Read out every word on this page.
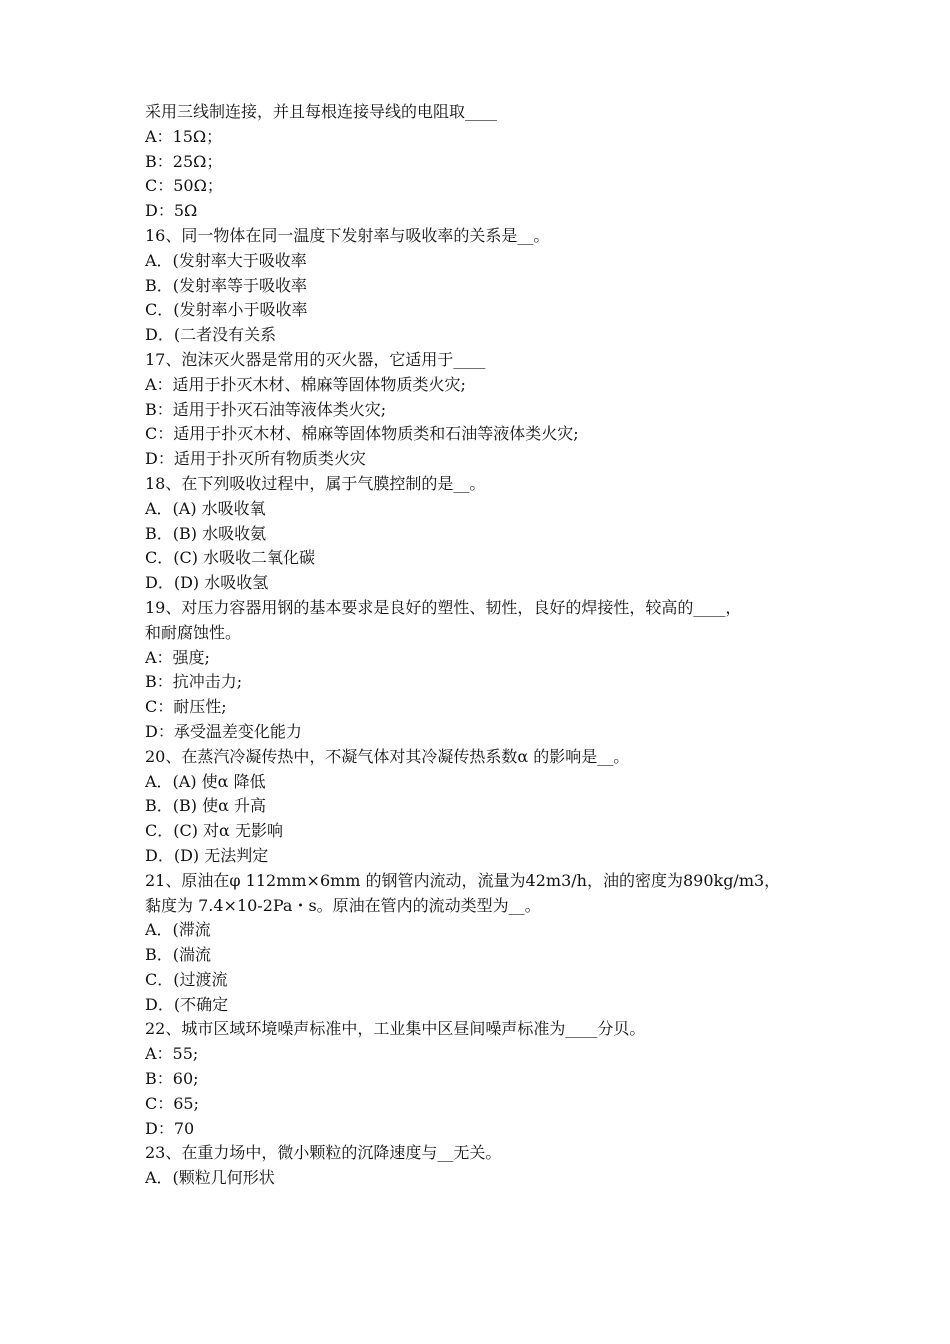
采用三线制连接，并且每根连接导线的电阻取____
A：15Ω；
B：25Ω；
C：50Ω；
D：5Ω
16、同一物体在同一温度下发射率与吸收率的关系是__。
A．(发射率大于吸收率
B．(发射率等于吸收率
C．(发射率小于吸收率
D．(二者没有关系
17、泡沫灭火器是常用的灭火器，它适用于____
A：适用于扑灭木材、棉麻等固体物质类火灾;
B：适用于扑灭石油等液体类火灾;
C：适用于扑灭木材、棉麻等固体物质类和石油等液体类火灾;
D：适用于扑灭所有物质类火灾
18、在下列吸收过程中，属于气膜控制的是__。
A．(A) 水吸收氧
B．(B) 水吸收氨
C．(C) 水吸收二氧化碳
D．(D) 水吸收氢
19、对压力容器用钢的基本要求是良好的塑性、韧性，良好的焊接性，较高的____，
和耐腐蚀性。
A：强度;
B：抗冲击力;
C：耐压性;
D：承受温差变化能力
20、在蒸汽冷凝传热中，不凝气体对其冷凝传热系数α 的影响是__。
A．(A) 使α 降低
B．(B) 使α 升高
C．(C) 对α 无影响
D．(D) 无法判定
21、原油在φ 112mm×6mm 的钢管内流动，流量为42m3/h，油的密度为890kg/m3，
黏度为 7.4×10-2Pa・s。原油在管内的流动类型为__。
A．(滞流
B．(湍流
C．(过渡流
D．(不确定
22、城市区域环境噪声标准中，工业集中区昼间噪声标准为____分贝。
A：55;
B：60;
C：65;
D：70
23、在重力场中，微小颗粒的沉降速度与__无关。
A．(颗粒几何形状
